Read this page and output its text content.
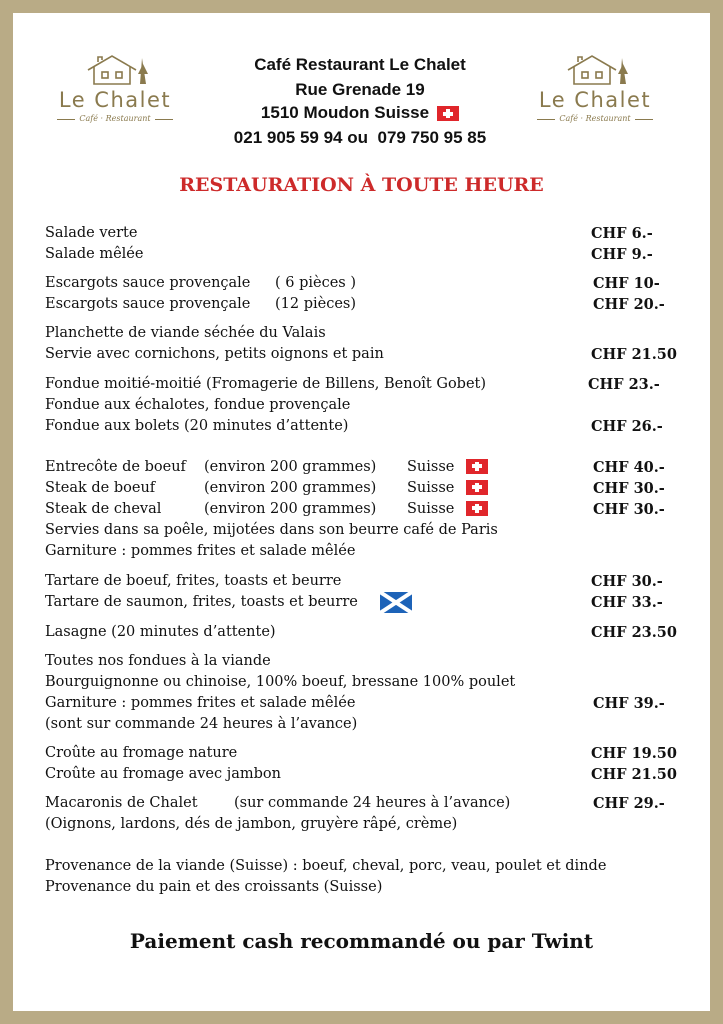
Le Chalet
Café · Restaurant
Le Chalet
Café · Restaurant
Café Restaurant Le Chalet
Rue Grenade 19
1510 Moudon Suisse
021 905 59 94 ou 079 750 95 85
RESTAURATION À TOUTE HEURE
Salade verte	CHF 6.-
Salade mêlée	CHF 9.-
Escargots sauce provençale ( 6 pièces )	CHF 10-
Escargots sauce provençale (12 pièces)	CHF 20.-
Planchette de viande séchée du Valais
Servie avec cornichons, petits oignons et pain	CHF 21.50
Fondue moitié-moitié (Fromagerie de Billens, Benoît Gobet)	CHF 23.-
Fondue aux échalotes, fondue provençale
Fondue aux bolets (20 minutes d’attente)	CHF 26.-
Entrecôte de boeuf (environ 200 grammes) Suisse	CHF 40.-
Steak de boeuf	(environ 200 grammes) Suisse	CHF 30.-
Steak de cheval	(environ 200 grammes) Suisse	CHF 30.-
Servies dans sa poêle, mijotées dans son beurre café de Paris
Garniture : pommes frites et salade mêlée
Tartare de boeuf, frites, toasts et beurre	CHF 30.-
Tartare de saumon, frites, toasts et beurre	CHF 33.-
Lasagne (20 minutes d’attente)	CHF 23.50
Toutes nos fondues à la viande
Bourguignonne ou chinoise, 100% boeuf, bressane 100% poulet
Garniture : pommes frites et salade mêlée	CHF 39.-
(sont sur commande 24 heures à l’avance)
Croûte au fromage nature	CHF 19.50
Croûte au fromage avec jambon	CHF 21.50
Macaronis de Chalet	(sur commande 24 heures à l’avance)	CHF 29.-
(Oignons, lardons, dés de jambon, gruyère râpé, crème)
Provenance de la viande (Suisse) : boeuf, cheval, porc, veau, poulet et dinde
Provenance du pain et des croissants (Suisse)
Paiement cash recommandé ou par Twint
